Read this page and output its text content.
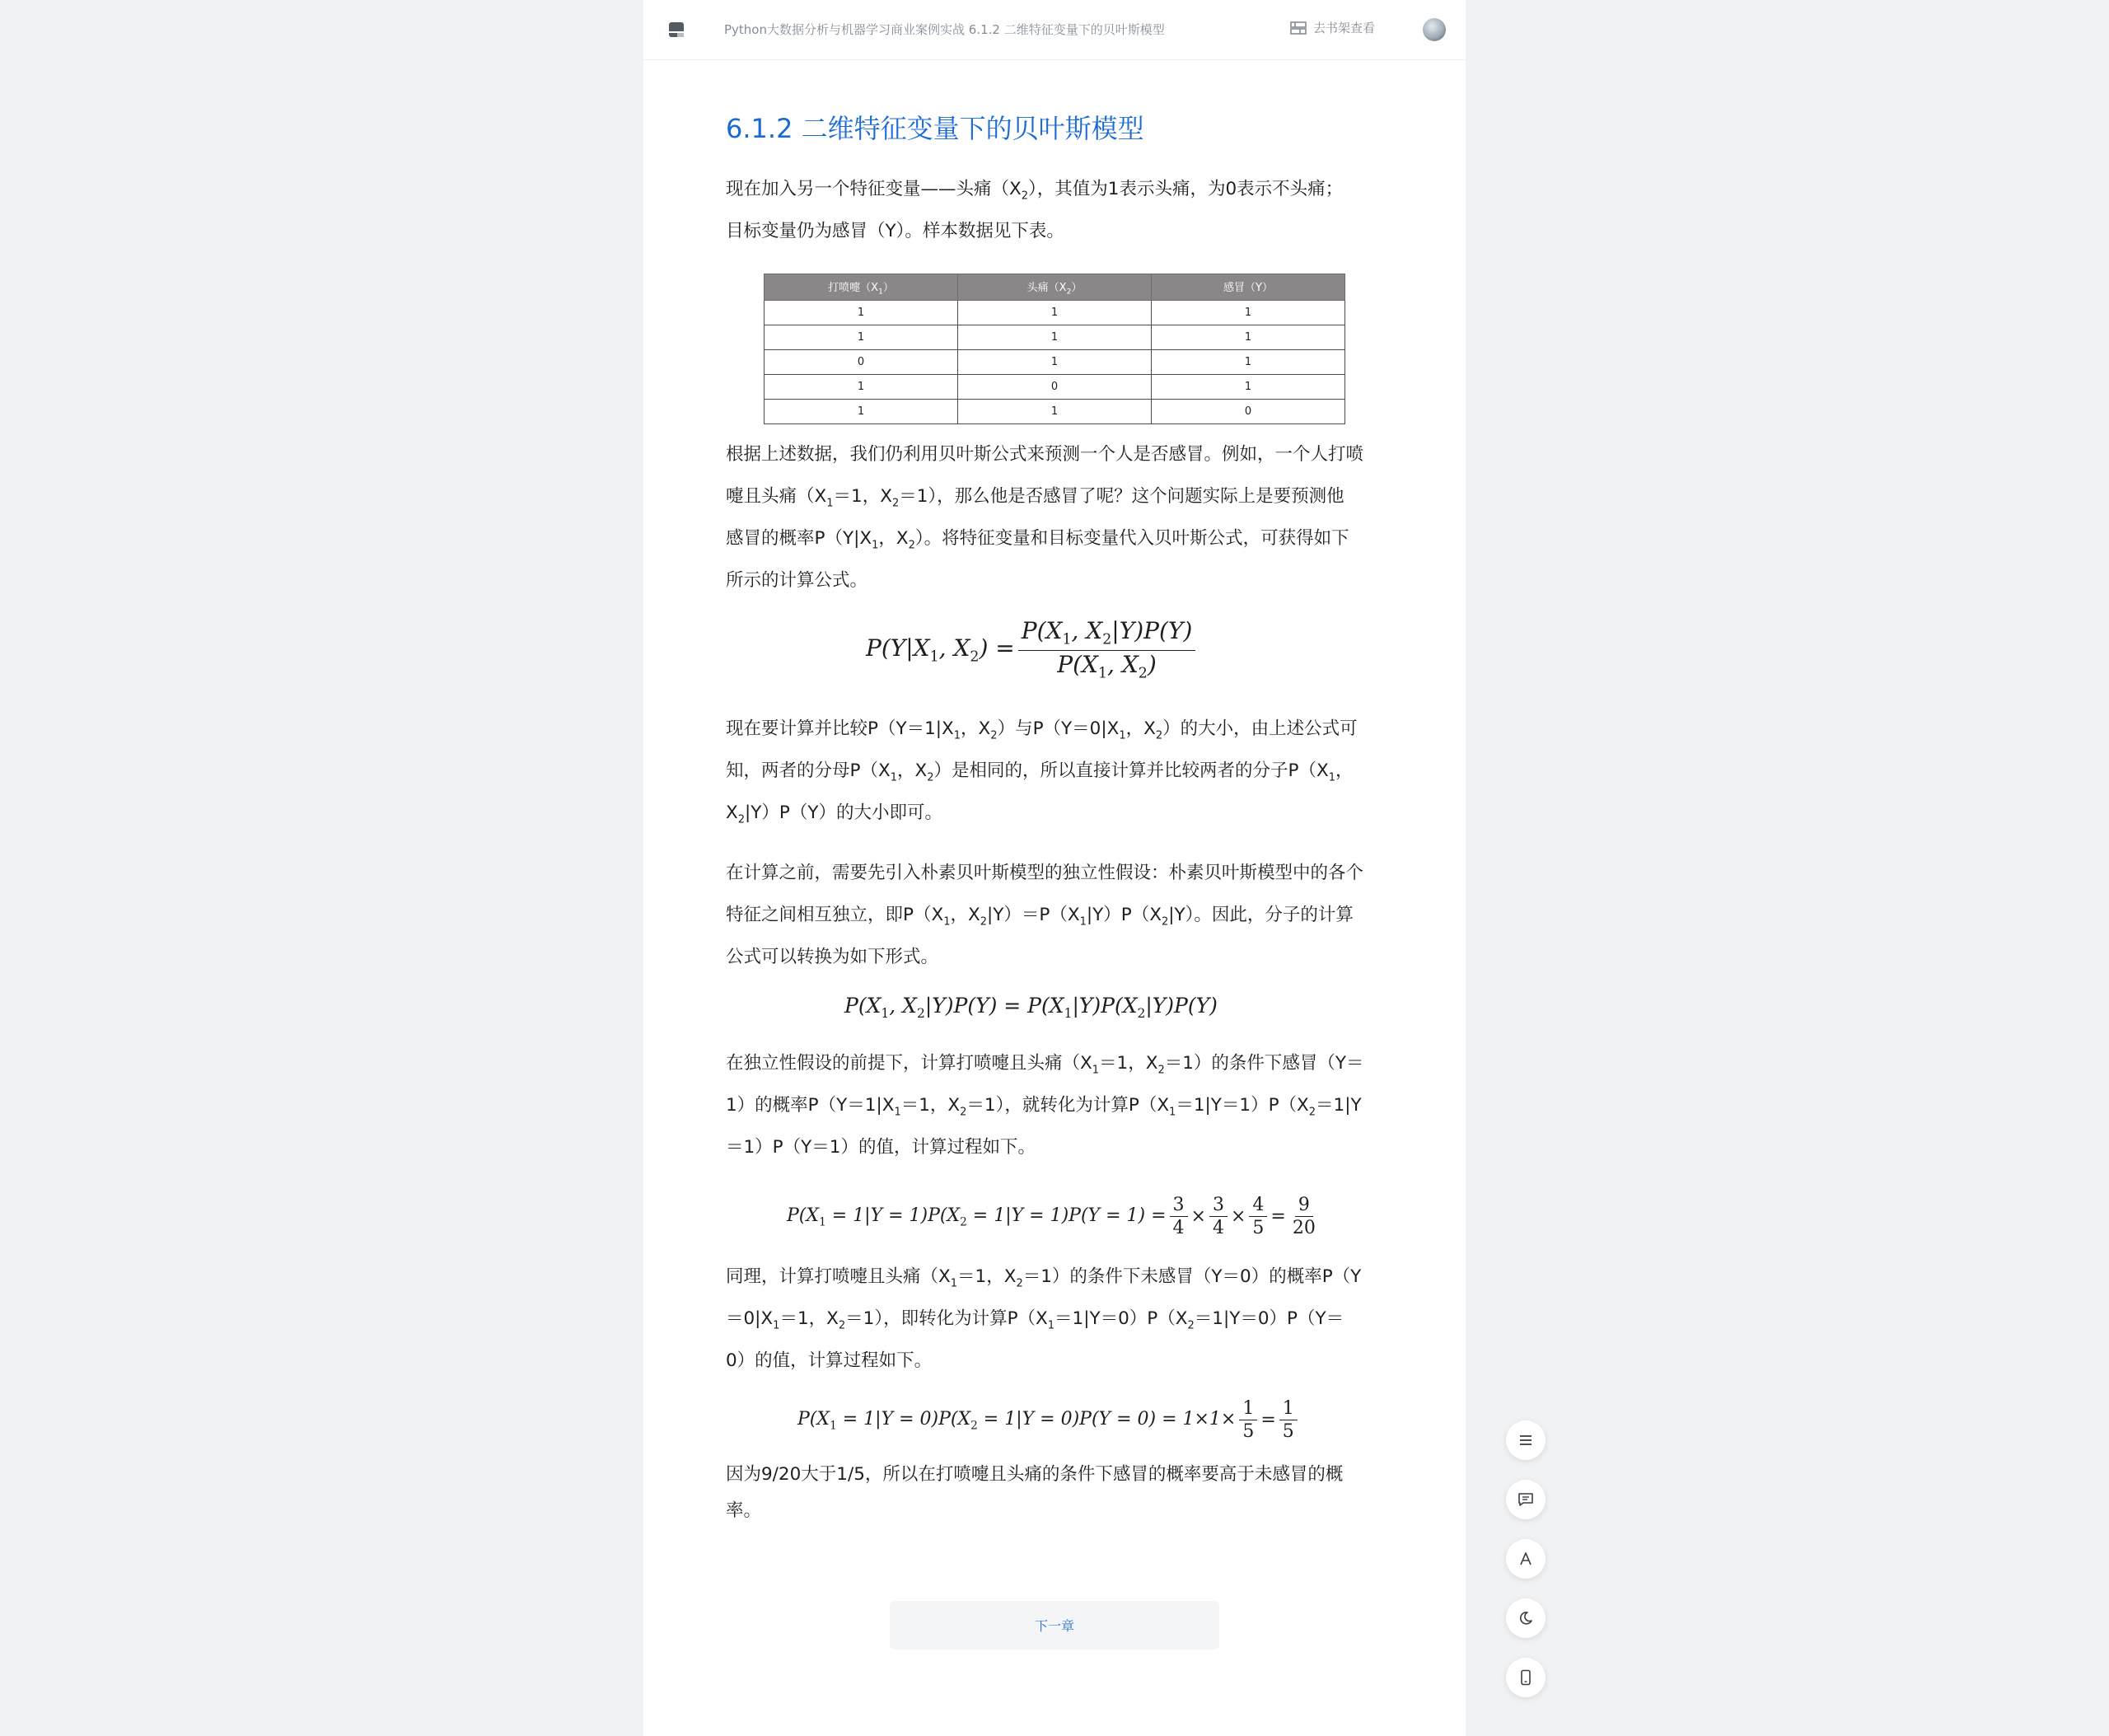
Python大数据分析与机器学习商业案例实战 6.1.2 二维特征变量下的贝叶斯模型	去书架查看
6.1.2 二维特征变量下的贝叶斯模型
现在加入另一个特征变量——头痛$(X_2)$，其值为1表示头痛，为0表示不头痛；
目标变量仍为感冒（Y）。样本数据见下表。
打喷嚏$(X_1)$	头痛$(X_2)$	感冒（Y）
1	1	1
1	1	1
0	1	1
1	0	1
1	1	0
根据上述数据，我们仍利用贝叶斯公式来预测一个人是否感冒。例如，一个人打喷
嚏且头痛（$X_1=1$，$X_2=1$），那么他是否感冒了呢？这个问题实际上是要预测他
感冒的概率$P(Y|X_1$，$X_2$）。将特征变量和目标变量代入贝叶斯公式，可获得如下
所示的计算公式。
$P(Y|X_1$, $X_2) = \frac{P(X_1, X_2|Y)P(Y)}{P(X_1, X_2)}$
现在要计算并比较$P(Y=1|X_1$，$X_2$）与$P(Y=0|X_1$，$X_2$）的大小，由上述公式可
知，两者的分母$P(X_1$，$X_2$）是相同的，所以直接计算并比较两者的分子$P(X_1$，
$X_2|Y)P(Y)$的大小即可。
在计算之前，需要先引入朴素贝叶斯模型的独立性假设：朴素贝叶斯模型中的各个
特征之间相互独立，即$P(X_1$，$X_2|Y)=P(X_1|Y)P(X_2|Y)$。因此，分子的计算
公式可以转换为如下形式。
$P(X_1$, $X_2|Y)P(Y) = P(X_1|Y)P(X_2|Y)P(Y)$
在独立性假设的前提下，计算打喷嚏且头痛（$X_1=1$，$X_2=1$）的条件下感冒（Y＝
1）的概率$P(Y=1|X_1=1$，$X_2=1$），就转化为计算$P(X_1=1|Y=1)P(X_2=1|Y$
＝1）P（Y＝1）的值，计算过程如下。
$P(X_1 = 1|Y = 1)P(X_2 = 1|Y = 1)P(Y = 1) = \frac{3}{4} \times \frac{3}{4} \times \frac{4}{5} = \frac{9}{20}$
同理，计算打喷嚏且头痛（$X_1=1$，$X_2=1$）的条件下未感冒（Y＝0）的概率P（Y
$=0|X_1=1$，$X_2=1$），即转化为计算$P(X_1=1|Y=0)P(X_2=1|Y=0)P(Y=$
0）的值，计算过程如下。
$P(X_1 = 1|Y = 0)P(X_2 = 1|Y = 0)P(Y = 0) = 1\times 1\times \frac{1}{5} = \frac{1}{5}$
因为9/20大于1/5，所以在打喷嚏且头痛的条件下感冒的概率要高于未感冒的概
率。
下一章
